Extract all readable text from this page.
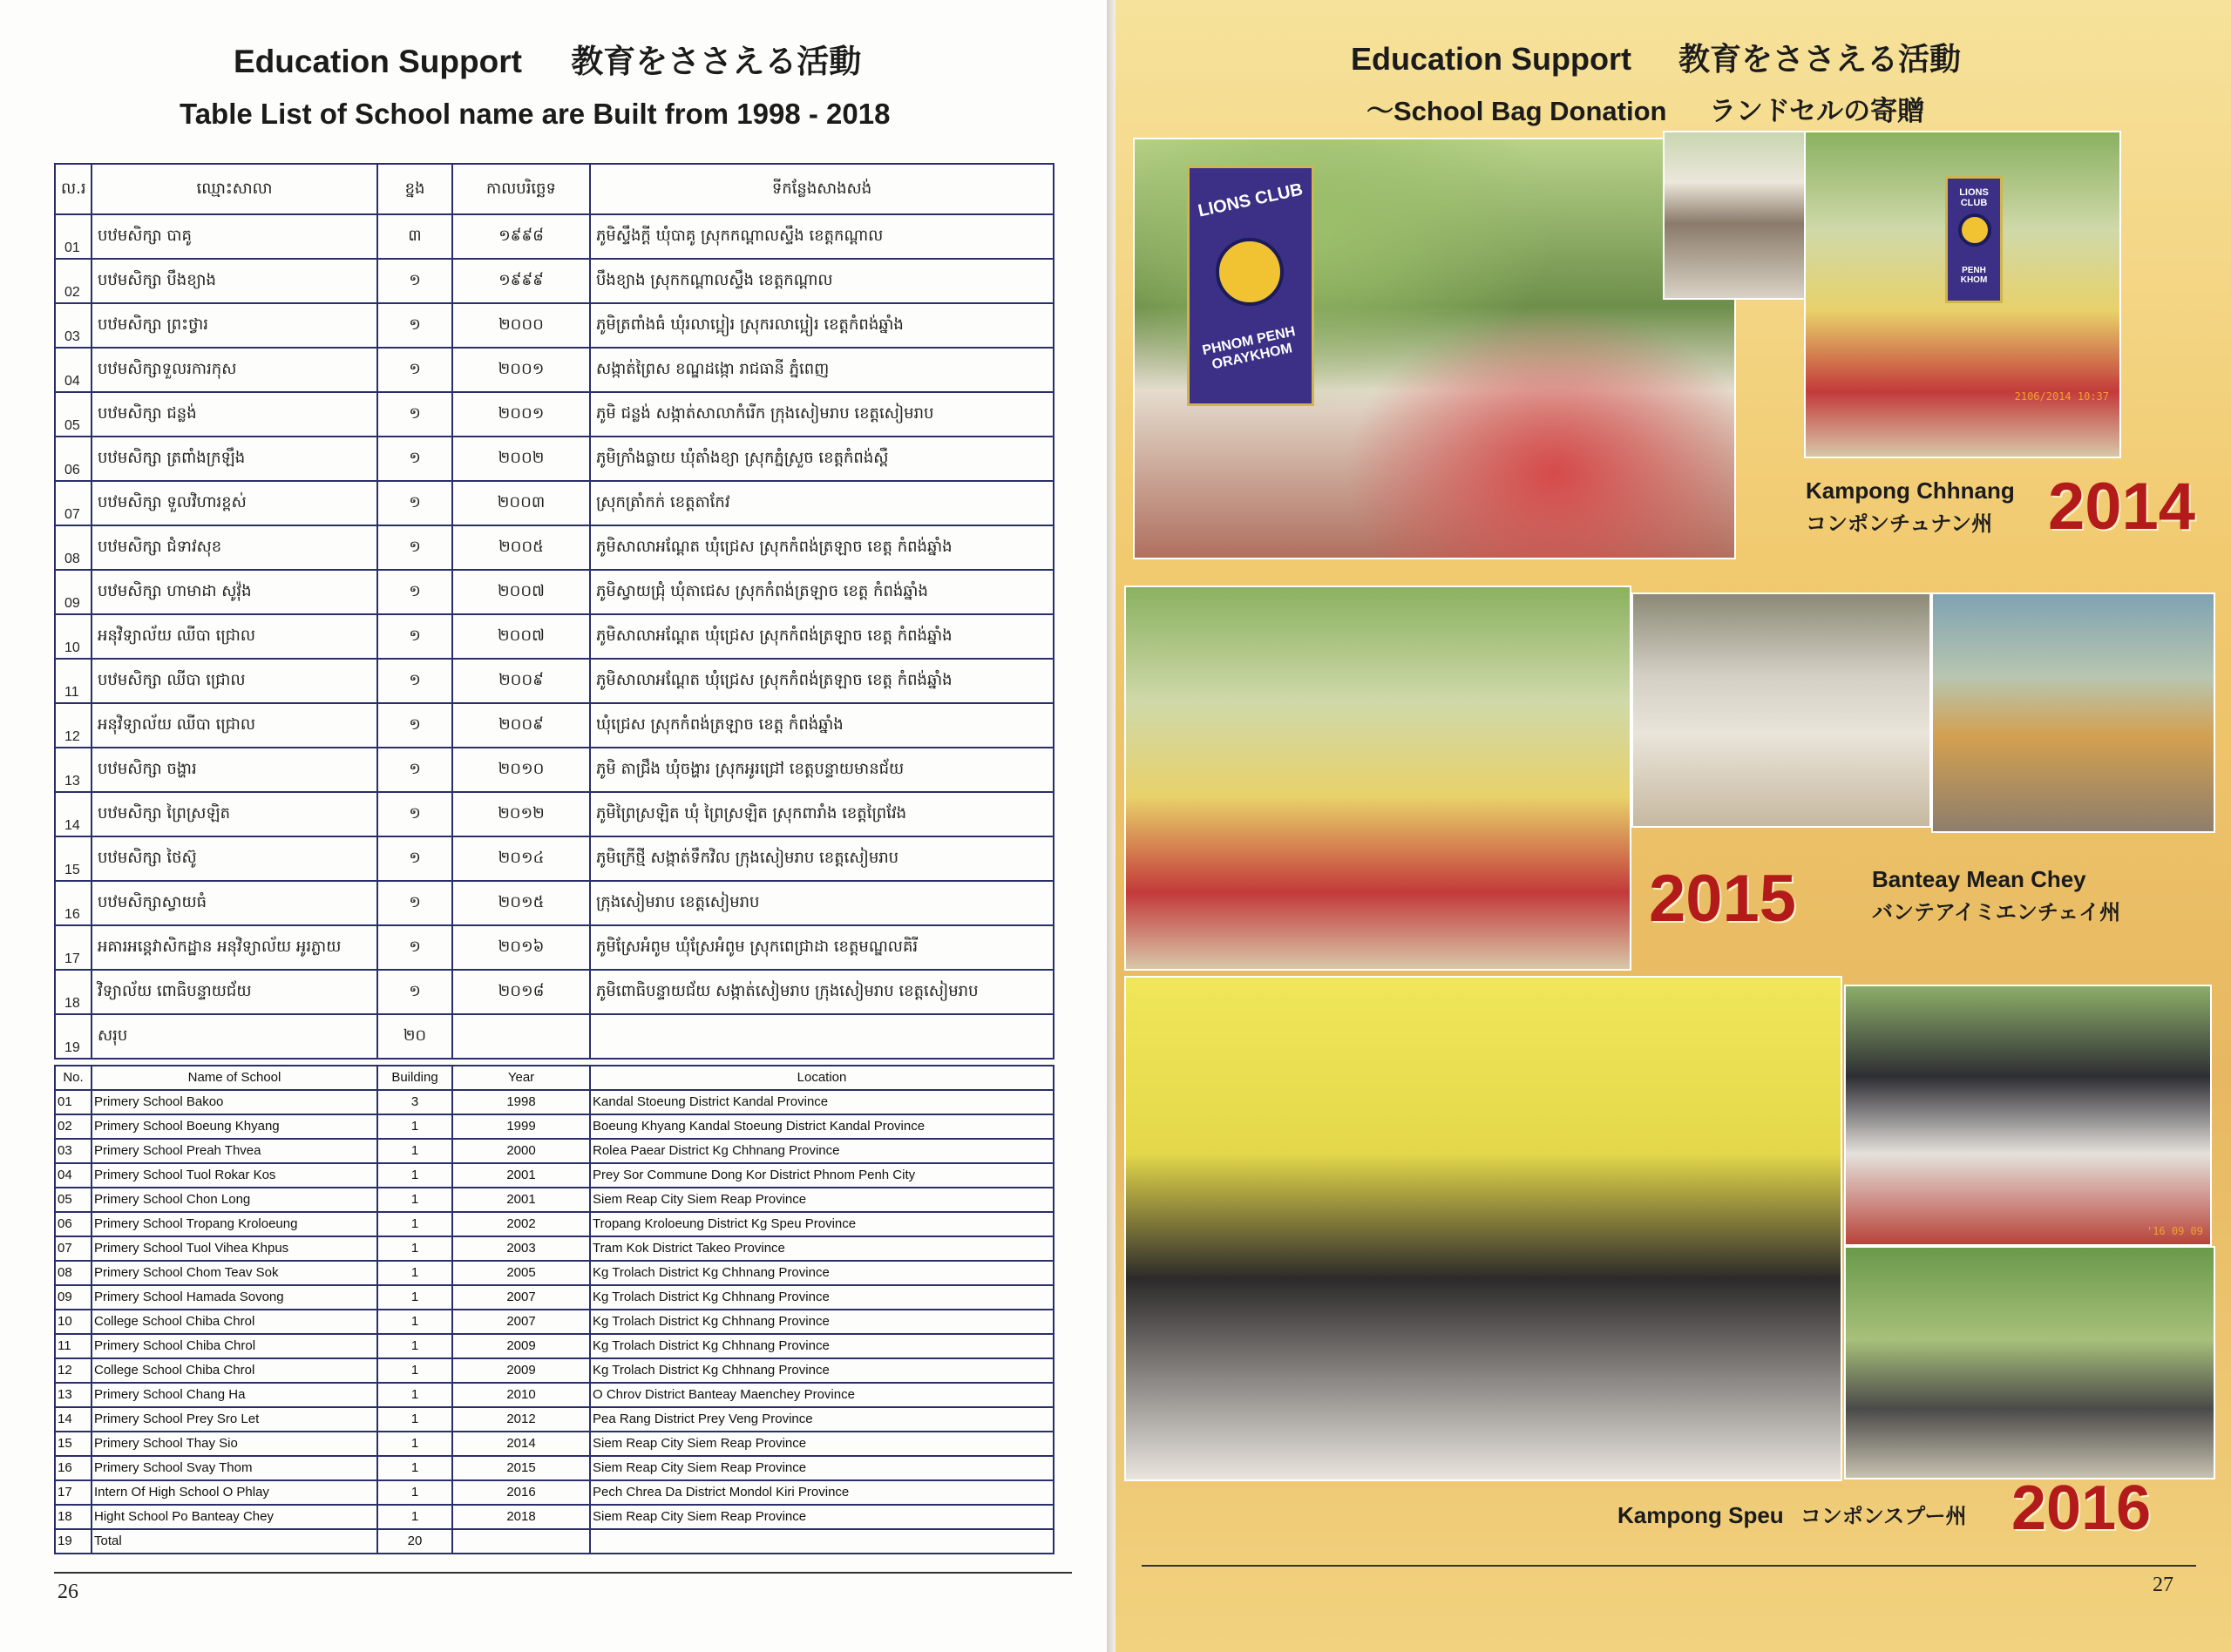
Education Support 教育をささえる活動
Table List of School name are Built from 1998 - 2018
ល.រ	ឈ្មោះសាលា	ខ្នង	កាលបរិច្ឆេទ	ទីកន្លែងសាងសង់
01	បឋមសិក្សា បាគូ	៣	១៩៩៨	ភូមិស្ទឹងក្តី ឃុំបាគូ ស្រុកកណ្តាលស្ទឹង ខេត្តកណ្តាល
02	បឋមសិក្សា បឹងខ្យាង	១	១៩៩៩	បឹងខ្យាង ស្រុកកណ្តាលស្ទឹង ខេត្តកណ្តាល
03	បឋមសិក្សា ព្រះថ្វារ	១	២០០០	ភូមិត្រពាំងធំ ឃុំរលាប្អៀរ ស្រុករលាប្អៀរ ខេត្តកំពង់ឆ្នាំង
04	បឋមសិក្សាទួលរការកុស	១	២០០១	សង្កាត់ព្រៃស ខណ្ឌដង្កោ រាជធានី ភ្នំពេញ
05	បឋមសិក្សា ជន្លង់	១	២០០១	ភូមិ ជន្លង់ សង្កាត់សាលាកំរើក ក្រុងសៀមរាប ខេត្តសៀមរាប
06	បឋមសិក្សា ត្រពាំងក្រឡឹង	១	២០០២	ភូមិក្រាំងធ្លាយ ឃុំតាំងខ្យា ស្រុកភ្នំស្រួច ខេត្តកំពង់ស្ពឺ
07	បឋមសិក្សា ទួលវិហារខ្ពស់	១	២០០៣	ស្រុកត្រាំកក់ ខេត្តតាកែវ
08	បឋមសិក្សា ជំទាវសុខ	១	២០០៥	ភូមិសាលាអណ្តែត ឃុំជ្រេស ស្រុកកំពង់ត្រឡាច ខេត្ត កំពង់ឆ្នាំង
09	បឋមសិក្សា ហាមាដា សូវ៉ុង	១	២០០៧	ភូមិស្វាយជ្រុំ ឃុំតាជេស ស្រុកកំពង់ត្រឡាច ខេត្ត កំពង់ឆ្នាំង
10	អនុវិទ្យាល័យ ឈីបា ជ្រោល	១	២០០៧	ភូមិសាលាអណ្តែត ឃុំជ្រេស ស្រុកកំពង់ត្រឡាច ខេត្ត កំពង់ឆ្នាំង
11	បឋមសិក្សា ឈីបា ជ្រោល	១	២០០៩	ភូមិសាលាអណ្តែត ឃុំជ្រេស ស្រុកកំពង់ត្រឡាច ខេត្ត កំពង់ឆ្នាំង
12	អនុវិទ្យាល័យ ឈីបា ជ្រោល	១	២០០៩	ឃុំជ្រេស ស្រុកកំពង់ត្រឡាច ខេត្ត កំពង់ឆ្នាំង
13	បឋមសិក្សា ចង្ហារ	១	២០១០	ភូមិ តាជ្រឹង ឃុំចង្ហារ ស្រុកអូរជ្រៅ ខេត្តបន្ទាយមានជ័យ
14	បឋមសិក្សា ព្រៃស្រឡិត	១	២០១២	ភូមិព្រៃស្រឡិត ឃុំ ព្រៃស្រឡិត ស្រុកពារាំង ខេត្តព្រៃវែង
15	បឋមសិក្សា ថៃស៊ូ	១	២០១៤	ភូមិក្រើថ្មី សង្កាត់ទឹកវិល ក្រុងសៀមរាប ខេត្តសៀមរាប
16	បឋមសិក្សាស្វាយធំ	១	២០១៥	ក្រុងសៀមរាប ខេត្តសៀមរាប
17	អគារអន្តេវាសិកដ្ឋាន អនុវិទ្យាល័យ អូរភ្លាយ	១	២០១៦	ភូមិស្រែអំពូម ឃុំស្រែអំពូម ស្រុកពេជ្រាដា ខេត្តមណ្ឌលគិរី
18	វិទ្យាល័យ ពោធិបន្ទាយជ័យ	១	២០១៨	ភូមិពោធិបន្ទាយជ័យ សង្កាត់សៀមរាប ក្រុងសៀមរាប ខេត្តសៀមរាប
19	សរុប	២០		
No.	Name of School	Building	Year	Location
01	Primery School Bakoo	3	1998	Kandal Stoeung District Kandal Province
02	Primery School Boeung Khyang	1	1999	Boeung Khyang Kandal Stoeung District Kandal Province
03	Primery School Preah Thvea	1	2000	Rolea Paear District Kg Chhnang Province
04	Primery School Tuol Rokar Kos	1	2001	Prey Sor Commune Dong Kor District Phnom Penh City
05	Primery School Chon Long	1	2001	Siem Reap City Siem Reap Province
06	Primery School Tropang Kroloeung	1	2002	Tropang Kroloeung District Kg Speu Province
07	Primery School Tuol Vihea Khpus	1	2003	Tram Kok District Takeo Province
08	Primery School Chom Teav Sok	1	2005	Kg Trolach District Kg Chhnang Province
09	Primery School Hamada Sovong	1	2007	Kg Trolach District Kg Chhnang Province
10	College School Chiba Chrol	1	2007	Kg Trolach District Kg Chhnang Province
11	Primery School Chiba Chrol	1	2009	Kg Trolach District Kg Chhnang Province
12	College School Chiba Chrol	1	2009	Kg Trolach District Kg Chhnang Province
13	Primery School Chang Ha	1	2010	O Chrov District Banteay Maenchey Province
14	Primery School Prey Sro Let	1	2012	Pea Rang District Prey Veng Province
15	Primery School Thay Sio	1	2014	Siem Reap City Siem Reap Province
16	Primery School Svay Thom	1	2015	Siem Reap City Siem Reap Province
17	Intern Of High School O Phlay	1	2016	Pech Chrea Da District Mondol Kiri Province
18	Hight School Po Banteay Chey	1	2018	Siem Reap City Siem Reap Province
19	Total	20		
26
Education Support 教育をささえる活動
～School Bag Donation ランドセルの寄贈
LIONS CLUB
PHNOM PENH ORAYKHOM
LIONS CLUB
PENH KHOM
2106/2014 10:37
Kampong Chhnang
コンポンチュナン州 2014
2015	Banteay Mean Chey
バンテアイミエンチェイ州
'16 09 09
Kampong Speu コンポンスプー州 2016
27
